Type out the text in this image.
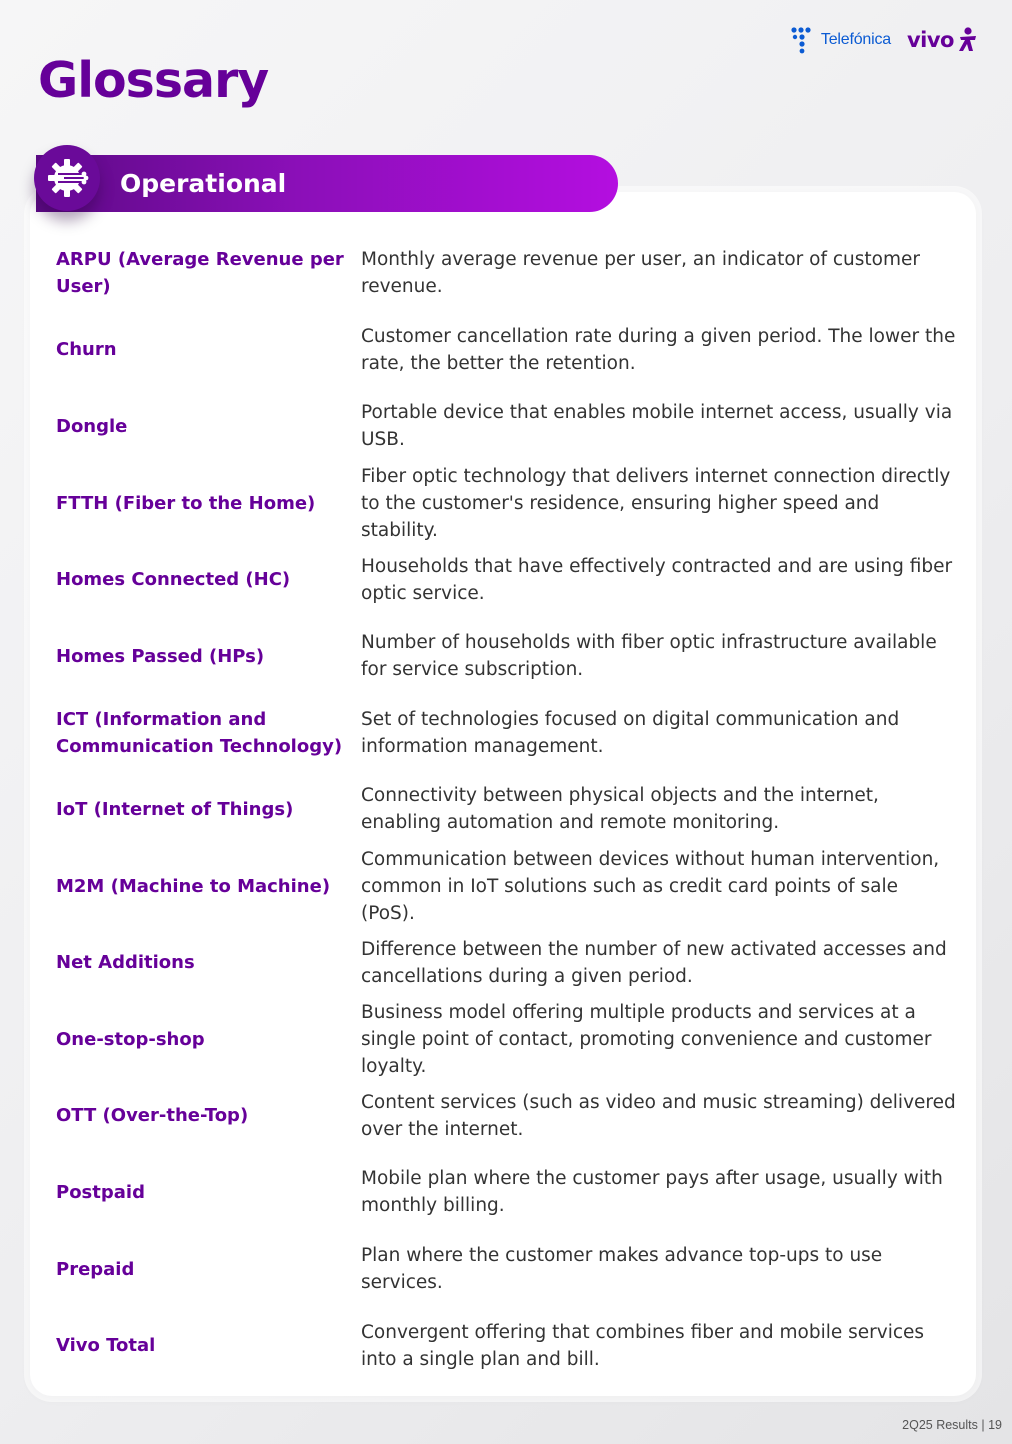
Telefónica vivo
Glossary
Operational
ARPU (Average Revenue per User)
Monthly average revenue per user, an indicator of customer revenue.
Churn
Customer cancellation rate during a given period. The lower the rate, the better the retention.
Dongle
Portable device that enables mobile internet access, usually via USB.
FTTH (Fiber to the Home)
Fiber optic technology that delivers internet connection directly to the customer's residence, ensuring higher speed and stability.
Homes Connected (HC)
Households that have effectively contracted and are using fiber optic service.
Homes Passed (HPs)
Number of households with fiber optic infrastructure available for service subscription.
ICT (Information and Communication Technology)
Set of technologies focused on digital communication and information management.
IoT (Internet of Things)
Connectivity between physical objects and the internet, enabling automation and remote monitoring.
M2M (Machine to Machine)
Communication between devices without human intervention, common in IoT solutions such as credit card points of sale (PoS).
Net Additions
Difference between the number of new activated accesses and cancellations during a given period.
One-stop-shop
Business model offering multiple products and services at a single point of contact, promoting convenience and customer loyalty.
OTT (Over-the-Top)
Content services (such as video and music streaming) delivered over the internet.
Postpaid
Mobile plan where the customer pays after usage, usually with monthly billing.
Prepaid
Plan where the customer makes advance top-ups to use services.
Vivo Total
Convergent offering that combines fiber and mobile services into a single plan and bill.
2Q25 Results | 19
